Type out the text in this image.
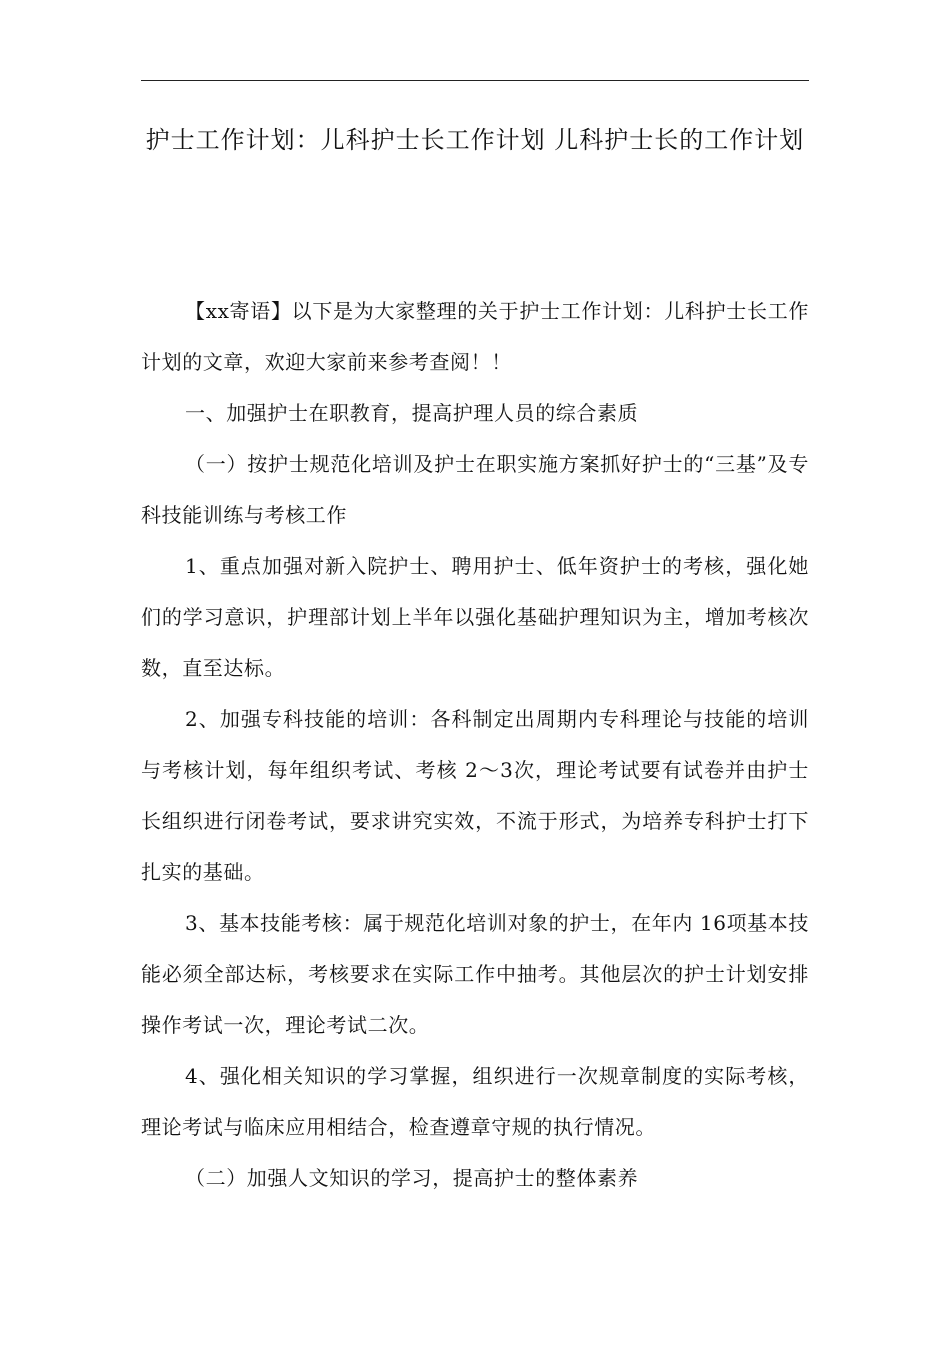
护士工作计划：儿科护士长工作计划 儿科护士长的工作计划

【xx寄语】以下是为大家整理的关于护士工作计划：儿科护士长工作计划的文章，欢迎大家前来参考查阅！！

一、加强护士在职教育，提高护理人员的综合素质

（一）按护士规范化培训及护士在职实施方案抓好护士的“三基”及专科技能训练与考核工作

1、重点加强对新入院护士、聘用护士、低年资护士的考核，强化她们的学习意识，护理部计划上半年以强化基础护理知识为主，增加考核次数，直至达标。

2、加强专科技能的培训：各科制定出周期内专科理论与技能的培训与考核计划，每年组织考试、考核 2～3次，理论考试要有试卷并由护士长组织进行闭卷考试，要求讲究实效，不流于形式，为培养专科护士打下扎实的基础。

3、基本技能考核：属于规范化培训对象的护士，在年内 16项基本技能必须全部达标，考核要求在实际工作中抽考。其他层次的护士计划安排操作考试一次，理论考试二次。

4、强化相关知识的学习掌握，组织进行一次规章制度的实际考核，理论考试与临床应用相结合，检查遵章守规的执行情况。

（二）加强人文知识的学习，提高护士的整体素养
